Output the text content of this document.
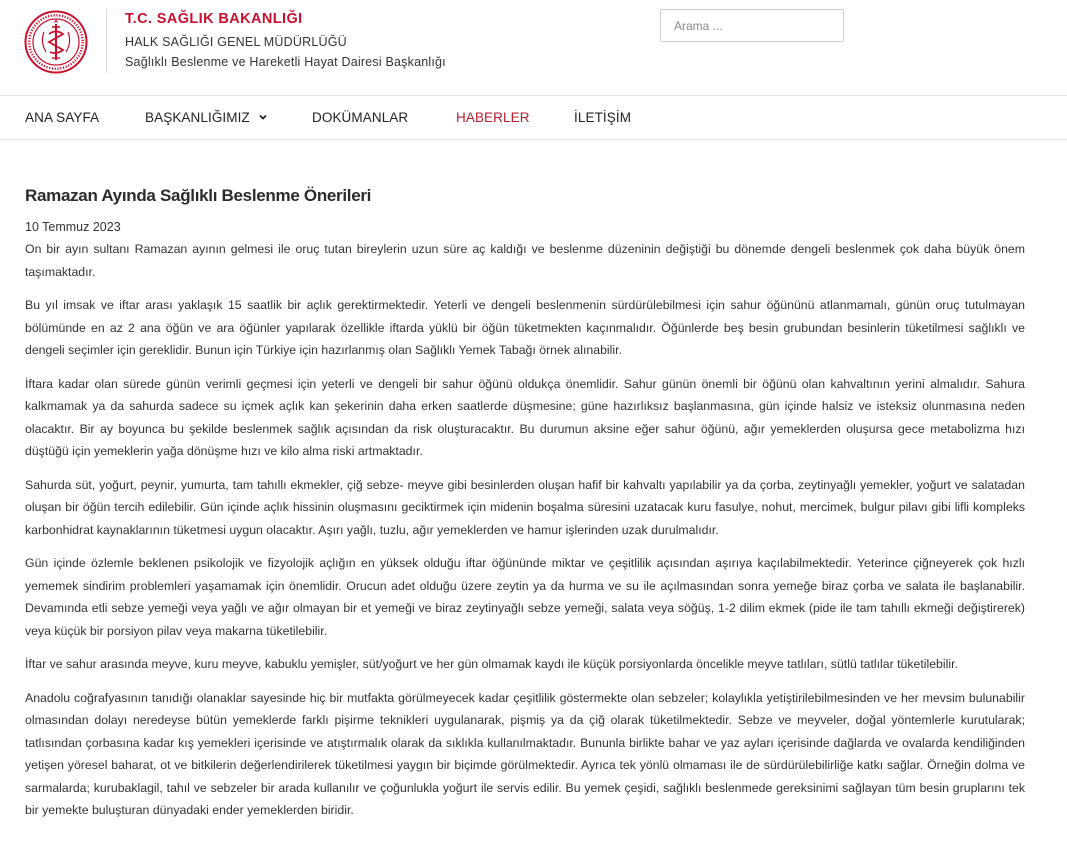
T.C. SAĞLIK BAKANLIĞI
HALK SAĞLIĞI GENEL MÜDÜRLÜĞÜ
Sağlıklı Beslenme ve Hareketli Hayat Dairesi Başkanlığı
Arama ...
ANA SAYFA	BAŞKANLIĞIMIZ	DOKÜMANLAR	HABERLER	İLETİŞİM
Ramazan Ayında Sağlıklı Beslenme Önerileri
10 Temmuz 2023

On bir ayın sultanı Ramazan ayının gelmesi ile oruç tutan bireylerin uzun süre aç kaldığı ve beslenme düzeninin değiştiği bu dönemde dengeli beslenmek çok daha büyük önem taşımaktadır.

Bu yıl imsak ve iftar arası yaklaşık 15 saatlik bir açlık gerektirmektedir. Yeterli ve dengeli beslenmenin sürdürülebilmesi için sahur öğününü atlanmamalı, günün oruç tutulmayan bölümünde en az 2 ana öğün ve ara öğünler yapılarak özellikle iftarda yüklü bir öğün tüketmekten kaçınmalıdır. Öğünlerde beş besin grubundan besinlerin tüketilmesi sağlıklı ve dengeli seçimler için gereklidir. Bunun için Türkiye için hazırlanmış olan Sağlıklı Yemek Tabağı örnek alınabilir.

İftara kadar olan sürede günün verimli geçmesi için yeterli ve dengeli bir sahur öğünü oldukça önemlidir. Sahur günün önemli bir öğünü olan kahvaltının yerini almalıdır. Sahura kalkmamak ya da sahurda sadece su içmek açlık kan şekerinin daha erken saatlerde düşmesine; güne hazırlıksız başlanmasına, gün içinde halsiz ve isteksiz olunmasına neden olacaktır. Bir ay boyunca bu şekilde beslenmek sağlık açısından da risk oluşturacaktır. Bu durumun aksine eğer sahur öğünü, ağır yemeklerden oluşursa gece metabolizma hızı düştüğü için yemeklerin yağa dönüşme hızı ve kilo alma riski artmaktadır.

Sahurda süt, yoğurt, peynir, yumurta, tam tahıllı ekmekler, çiğ sebze- meyve gibi besinlerden oluşan hafif bir kahvaltı yapılabilir ya da çorba, zeytinyağlı yemekler, yoğurt ve salatadan oluşan bir öğün tercih edilebilir. Gün içinde açlık hissinin oluşmasını geciktirmek için midenin boşalma süresini uzatacak kuru fasulye, nohut, mercimek, bulgur pilavı gibi lifli kompleks karbonhidrat kaynaklarının tüketmesi uygun olacaktır. Aşırı yağlı, tuzlu, ağır yemeklerden ve hamur işlerinden uzak durulmalıdır.

Gün içinde özlemle beklenen psikolojik ve fizyolojik açlığın en yüksek olduğu iftar öğününde miktar ve çeşitlilik açısından aşırıya kaçılabilmektedir. Yeterince çiğneyerek çok hızlı yememek sindirim problemleri yaşamamak için önemlidir. Orucun adet olduğu üzere zeytin ya da hurma ve su ile açılmasından sonra yemeğe biraz çorba ve salata ile başlanabilir. Devamında etli sebze yemeği veya yağlı ve ağır olmayan bir et yemeği ve biraz zeytinyağlı sebze yemeği, salata veya söğüş, 1-2 dilim ekmek (pide ile tam tahıllı ekmeği değiştirerek) veya küçük bir porsiyon pilav veya makarna tüketilebilir.

İftar ve sahur arasında meyve, kuru meyve, kabuklu yemişler, süt/yoğurt ve her gün olmamak kaydı ile küçük porsiyonlarda öncelikle meyve tatlıları, sütlü tatlılar tüketilebilir.

Anadolu coğrafyasının tanıdığı olanaklar sayesinde hiç bir mutfakta görülmeyecek kadar çeşitlilik göstermekte olan sebzeler; kolaylıkla yetiştirilebilmesinden ve her mevsim bulunabilir olmasından dolayı neredeyse bütün yemeklerde farklı pişirme teknikleri uygulanarak, pişmiş ya da çiğ olarak tüketilmektedir. Sebze ve meyveler, doğal yöntemlerle kurutularak; tatlısından çorbasına kadar kış yemekleri içerisinde ve atıştırmalık olarak da sıklıkla kullanılmaktadır. Bununla birlikte bahar ve yaz ayları içerisinde dağlarda ve ovalarda kendiliğinden yetişen yöresel baharat, ot ve bitkilerin değerlendirilerek tüketilmesi yaygın bir biçimde görülmektedir. Ayrıca tek yönlü olmaması ile de sürdürülebilirliğe katkı sağlar. Örneğin dolma ve sarmalarda; kurubaklagil, tahıl ve sebzeler bir arada kullanılır ve çoğunlukla yoğurt ile servis edilir. Bu yemek çeşidi, sağlıklı beslenmede gereksinimi sağlayan tüm besin gruplarını tek bir yemekte buluşturan dünyadaki ender yemeklerden biridir.
